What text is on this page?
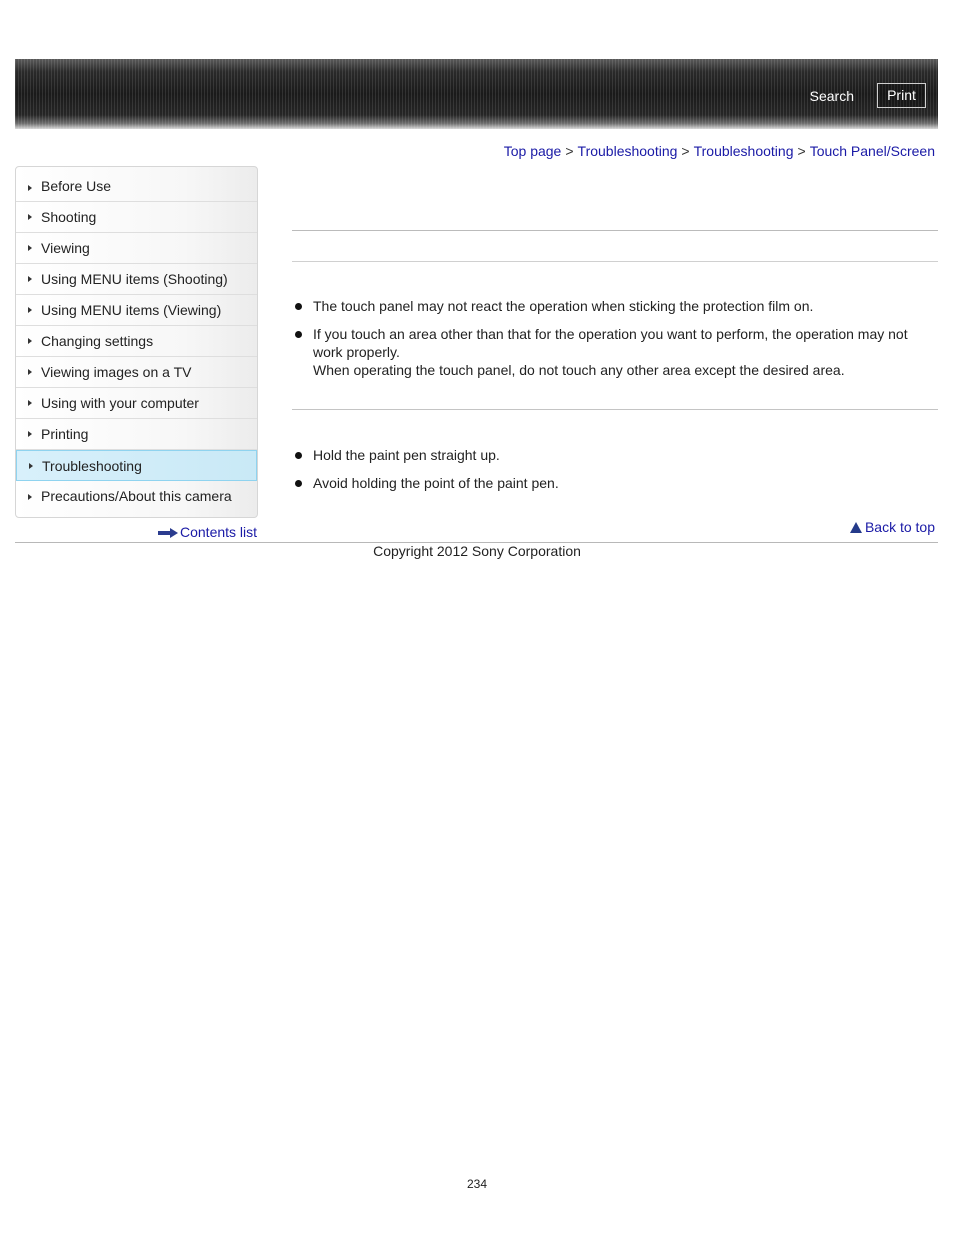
Search	Print
Top page > Troubleshooting > Troubleshooting > Touch Panel/Screen
Before Use
Shooting
Viewing
Using MENU items (Shooting)
Using MENU items (Viewing)
Changing settings
Viewing images on a TV
Using with your computer
Printing
Troubleshooting
Precautions/About this camera
Contents list
The touch panel may not react the operation when sticking the protection film on.
If you touch an area other than that for the operation you want to perform, the operation may not work properly.
When operating the touch panel, do not touch any other area except the desired area.
Hold the paint pen straight up.
Avoid holding the point of the paint pen.
Back to top
Copyright 2012 Sony Corporation
234
